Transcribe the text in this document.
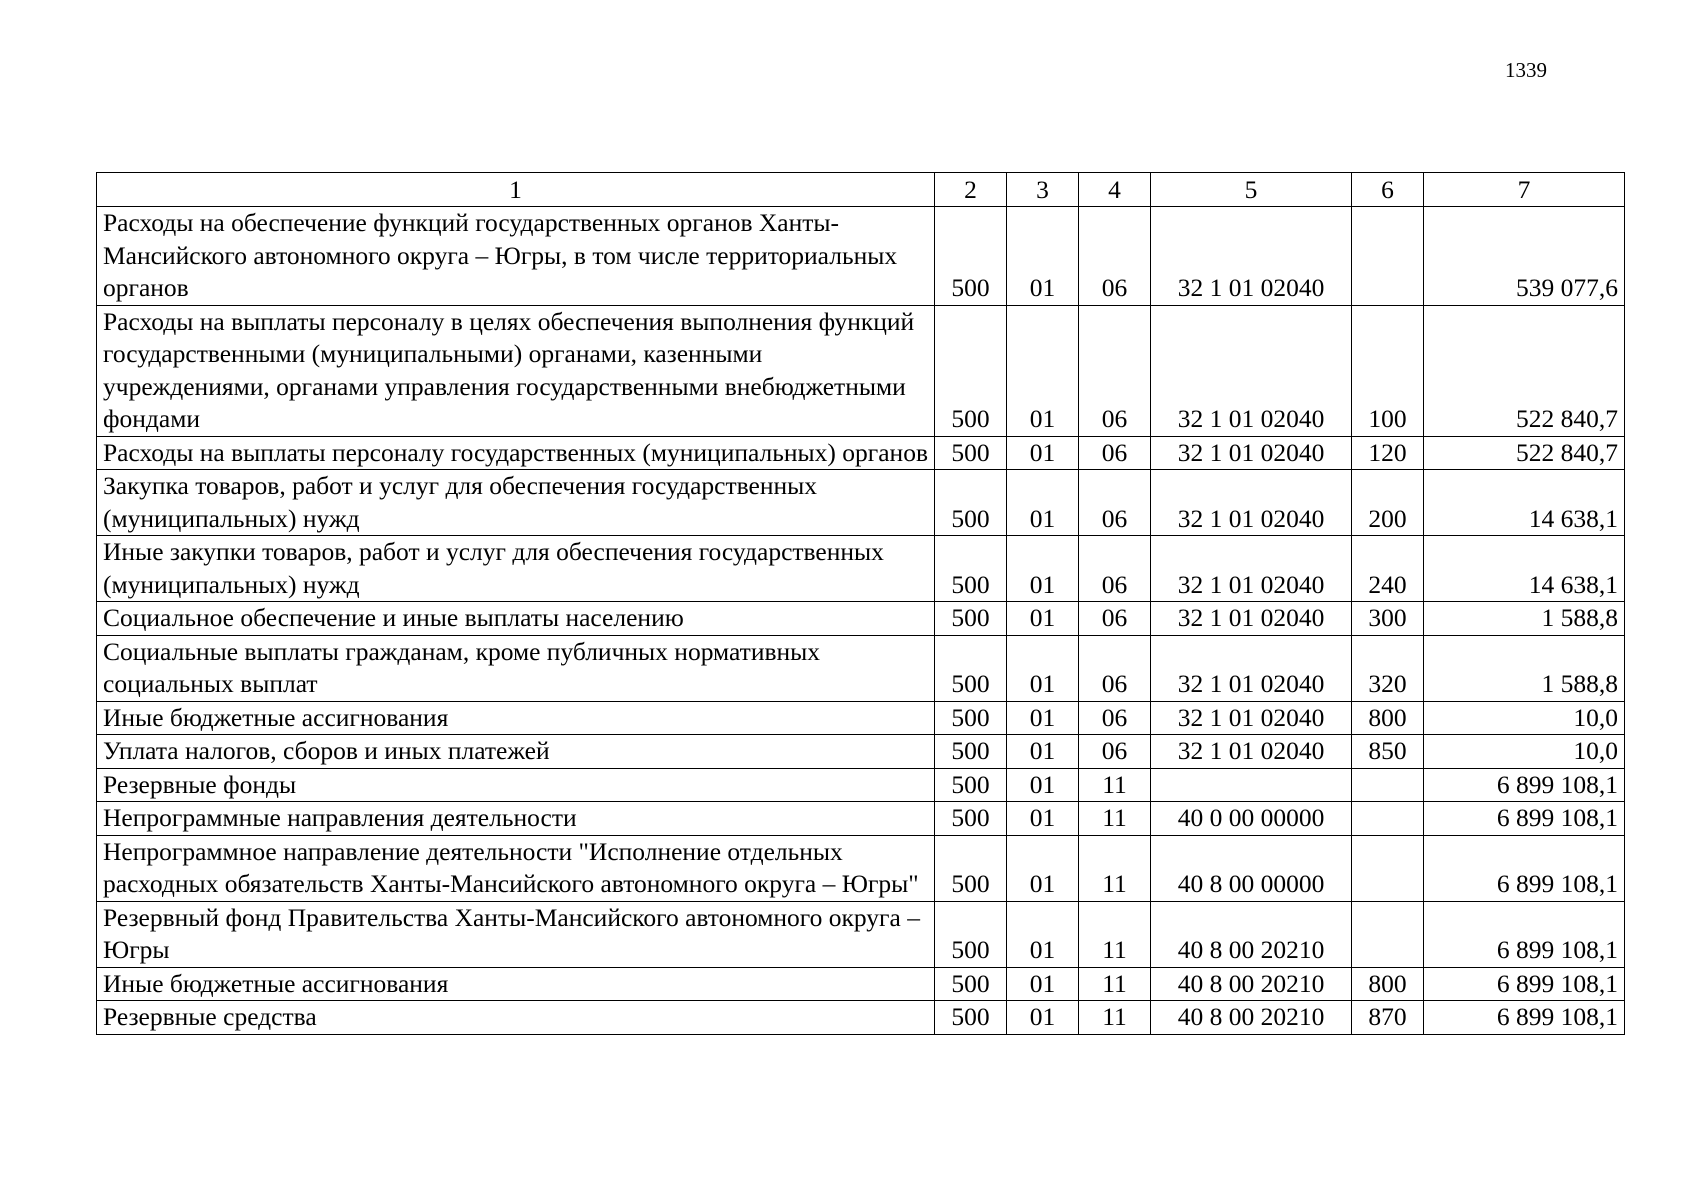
1339
1	2	3	4	5	6	7
Расходы на обеспечение функций государственных органов Ханты-Мансийского автономного округа – Югры, в том числе территориальных органов	500	01	06	32 1 01 02040		539 077,6
Расходы на выплаты персоналу в целях обеспечения выполнения функций государственными (муниципальными) органами, казенными учреждениями, органами управления государственными внебюджетными фондами	500	01	06	32 1 01 02040	100	522 840,7
Расходы на выплаты персоналу государственных (муниципальных) органов	500	01	06	32 1 01 02040	120	522 840,7
Закупка товаров, работ и услуг для обеспечения государственных (муниципальных) нужд	500	01	06	32 1 01 02040	200	14 638,1
Иные закупки товаров, работ и услуг для обеспечения государственных (муниципальных) нужд	500	01	06	32 1 01 02040	240	14 638,1
Социальное обеспечение и иные выплаты населению	500	01	06	32 1 01 02040	300	1 588,8
Социальные выплаты гражданам, кроме публичных нормативных социальных выплат	500	01	06	32 1 01 02040	320	1 588,8
Иные бюджетные ассигнования	500	01	06	32 1 01 02040	800	10,0
Уплата налогов, сборов и иных платежей	500	01	06	32 1 01 02040	850	10,0
Резервные фонды	500	01	11			6 899 108,1
Непрограммные направления деятельности	500	01	11	40 0 00 00000		6 899 108,1
Непрограммное направление деятельности "Исполнение отдельных расходных обязательств Ханты-Мансийского автономного округа – Югры"	500	01	11	40 8 00 00000		6 899 108,1
Резервный фонд Правительства Ханты-Мансийского автономного округа – Югры	500	01	11	40 8 00 20210		6 899 108,1
Иные бюджетные ассигнования	500	01	11	40 8 00 20210	800	6 899 108,1
Резервные средства	500	01	11	40 8 00 20210	870	6 899 108,1
